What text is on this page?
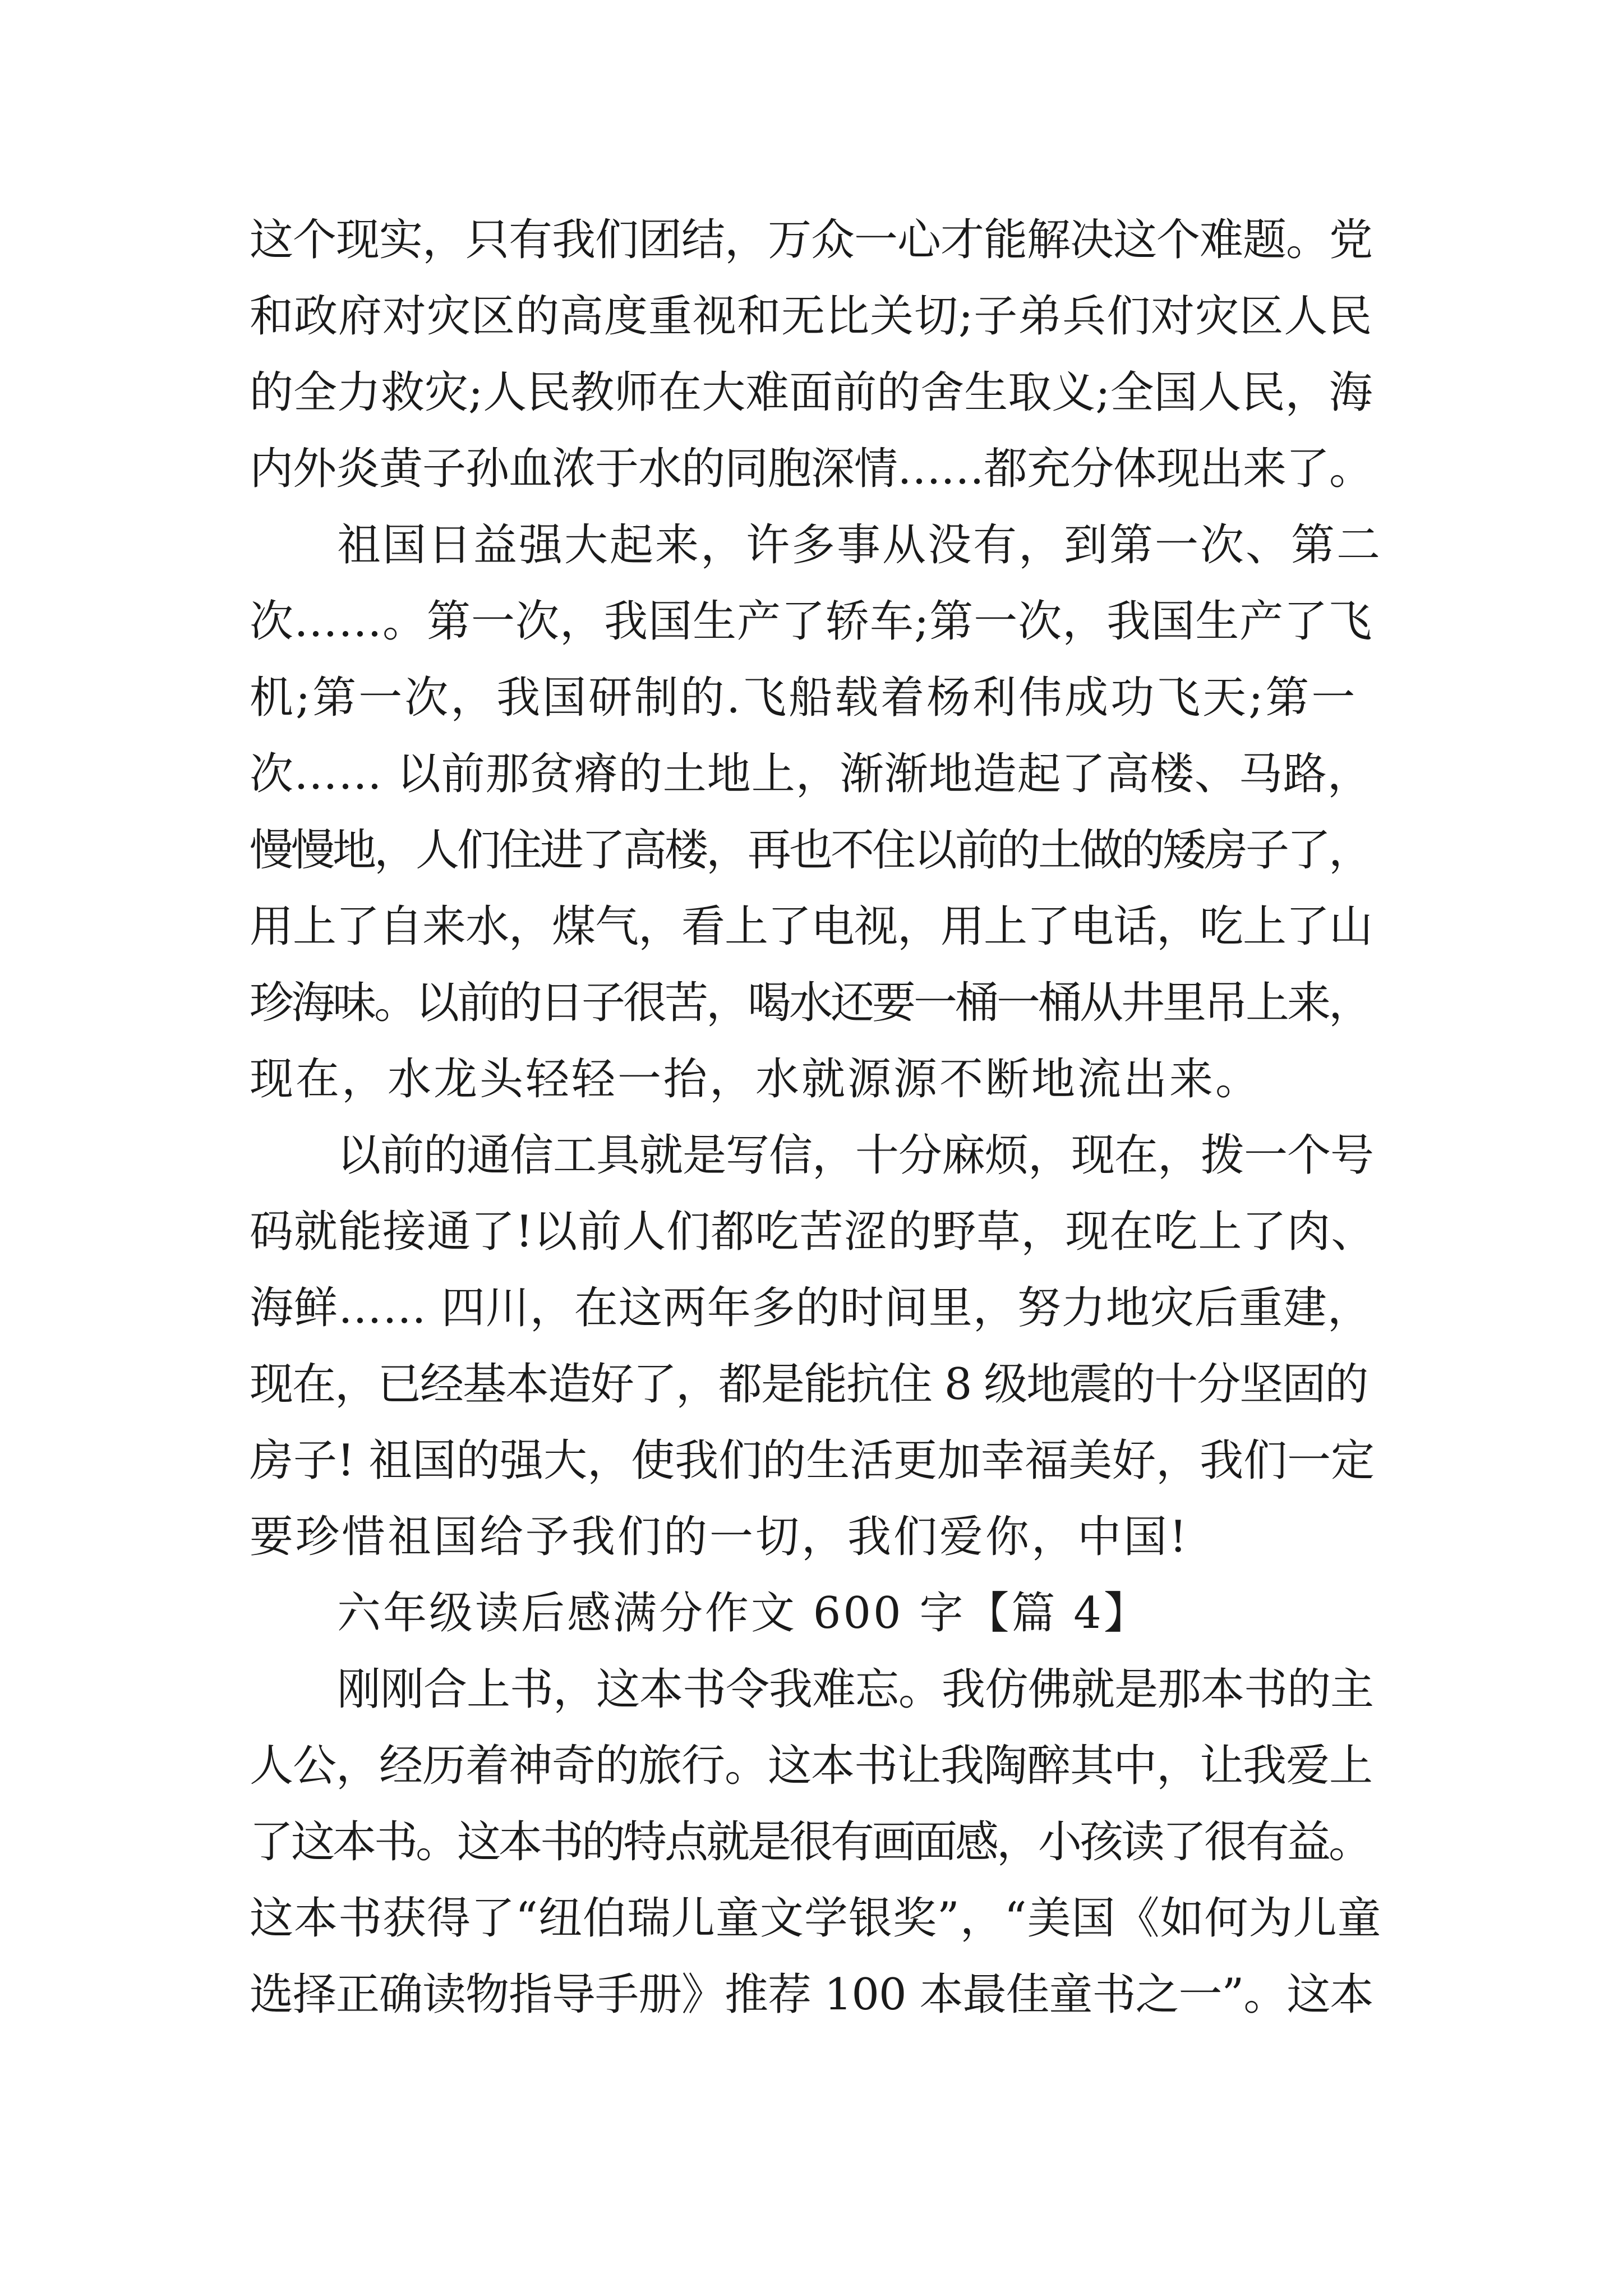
这个现实，只有我们团结，万众一心才能解决这个难题。党
和政府对灾区的高度重视和无比关切;子弟兵们对灾区人民
的全力救灾;人民教师在大难面前的舍生取义;全国人民，海
内外炎黄子孙血浓于水的同胞深情……都充分体现出来了。
祖国日益强大起来，许多事从没有，到第一次、第二
次……。第一次，我国生产了轿车;第一次，我国生产了飞
机;第一次，我国研制的.飞船载着杨利伟成功飞天;第一
次…… 以前那贫瘠的土地上，渐渐地造起了高楼、马路，
慢慢地，人们住进了高楼，再也不住以前的土做的矮房子了，
用上了自来水，煤气，看上了电视，用上了电话，吃上了山
珍海味。以前的日子很苦，喝水还要一桶一桶从井里吊上来，
现在，水龙头轻轻一抬，水就源源不断地流出来。
以前的通信工具就是写信，十分麻烦，现在，拨一个号
码就能接通了!以前人们都吃苦涩的野草，现在吃上了肉、
海鲜…… 四川，在这两年多的时间里，努力地灾后重建，
现在，已经基本造好了，都是能抗住 8 级地震的十分坚固的
房子! 祖国的强大，使我们的生活更加幸福美好，我们一定
要珍惜祖国给予我们的一切，我们爱你，中国!
六年级读后感满分作文 600 字【篇 4】
刚刚合上书，这本书令我难忘。我仿佛就是那本书的主
人公，经历着神奇的旅行。这本书让我陶醉其中，让我爱上
了这本书。这本书的特点就是很有画面感，小孩读了很有益。
这本书获得了“纽伯瑞儿童文学银奖”，“美国《如何为儿童
选择正确读物指导手册》推荐 100 本最佳童书之一”。这本
